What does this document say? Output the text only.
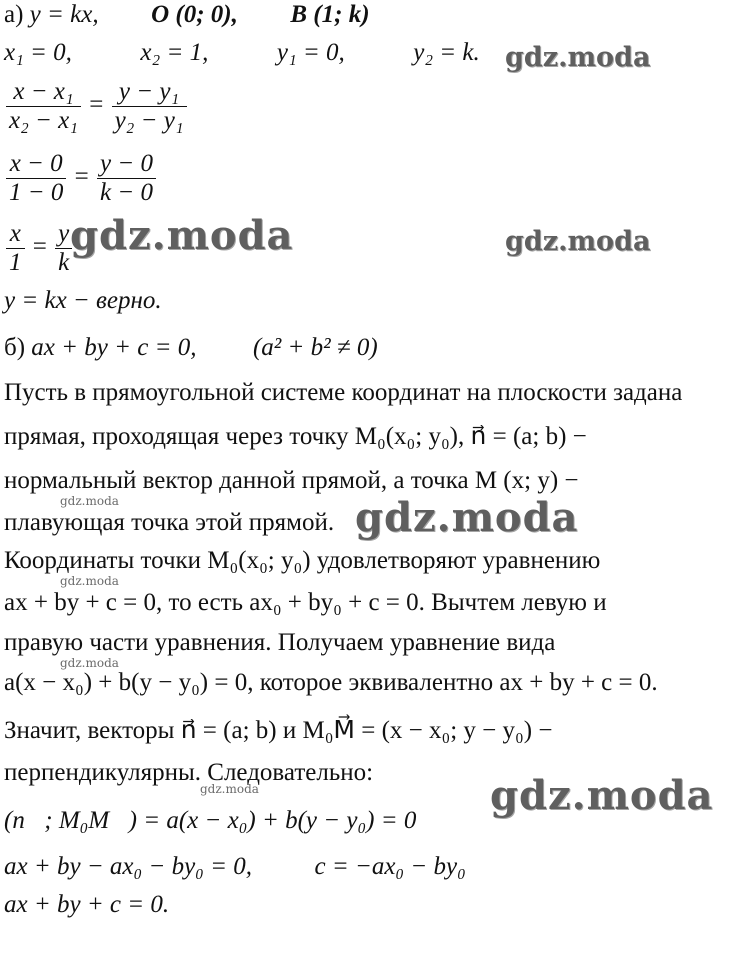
а) y = kx, O (0; 0), B (1; k)
x₁ = 0,	x₂ = 1,	y₁ = 0,	y₂ = k.
$\frac{\text{x − x₁}}{\text{x₂ − x₁}} = \frac{\text{y − y₁}}{\text{y₂ − y₁}}$
$\frac{x - 0}{1 - 0} = \frac{y - 0}{k - 0}$
$\frac{x}{1} = \frac{y}{k}$
y = kx − верно.
б) ax + by + c = 0, (a² + b² ≠ 0)
Пусть в прямоугольной системе координат на плоскости задана
прямая, проходящая через точку M₀(x₀; y₀), n⃗ = (a; b) −
нормальный вектор данной прямой, а точка M (x; y) −
плавующая точка этой прямой.
Координаты точки M₀(x₀; y₀) удовлетворяют уравнению
ax + by + c = 0, то есть ax₀ + by₀ + c = 0. Вычтем левую и
правую части уравнения. Получаем уравнение вида
a(x − x₀) + b(y − y₀) = 0, которое эквивалентно ax + by + c = 0.
Значит, векторы n⃗ = (a; b) и M₀M⃗ = (x − x₀; y − y₀) −
перпендикулярны. Следовательно:
(n⃗; M₀M⃗) = a(x − x₀) + b(y − y₀) = 0
ax + by − ax₀ − by₀ = 0,	c = −ax₀ − by₀
ax + by + c = 0.
gdz.moda
gdz.moda	gdz.moda
gdz.moda	gdz.moda
gdz.moda
gdz.moda
gdz.moda	gdz.moda
